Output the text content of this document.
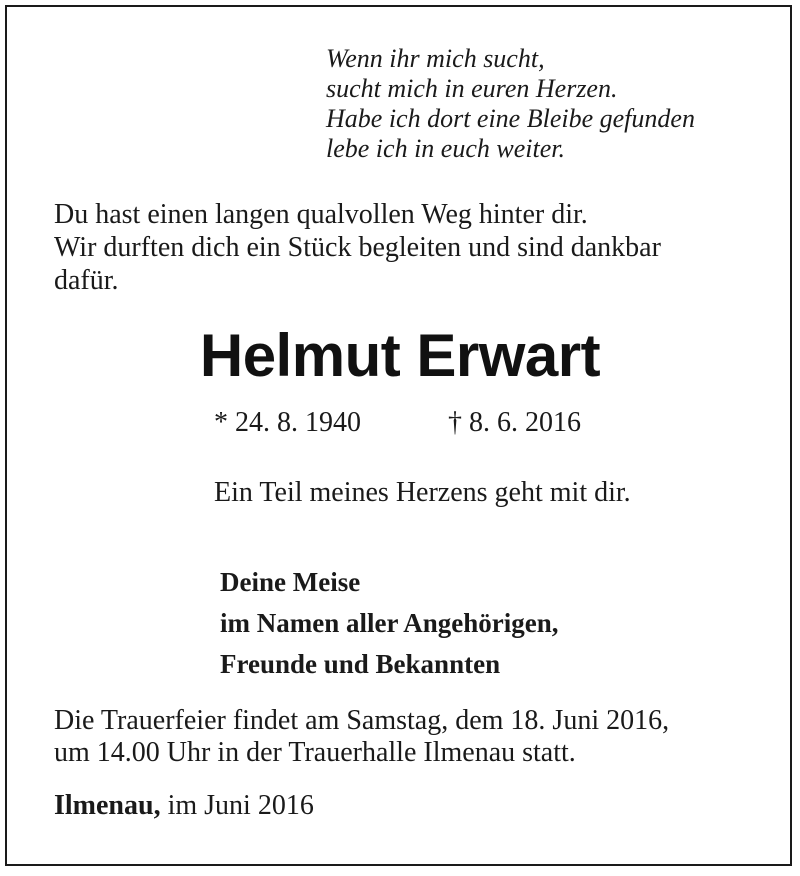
Wenn ihr mich sucht,
sucht mich in euren Herzen.
Habe ich dort eine Bleibe gefunden
lebe ich in euch weiter.
Du hast einen langen qualvollen Weg hinter dir.
Wir durften dich ein Stück begleiten und sind dankbar
dafür.
Helmut Erwart
* 24. 8. 1940	† 8. 6. 2016
Ein Teil meines Herzens geht mit dir.
Deine Meise
im Namen aller Angehörigen,
Freunde und Bekannten
Die Trauerfeier findet am Samstag, dem 18. Juni 2016,
um 14.00 Uhr in der Trauerhalle Ilmenau statt.
Ilmenau, im Juni 2016
